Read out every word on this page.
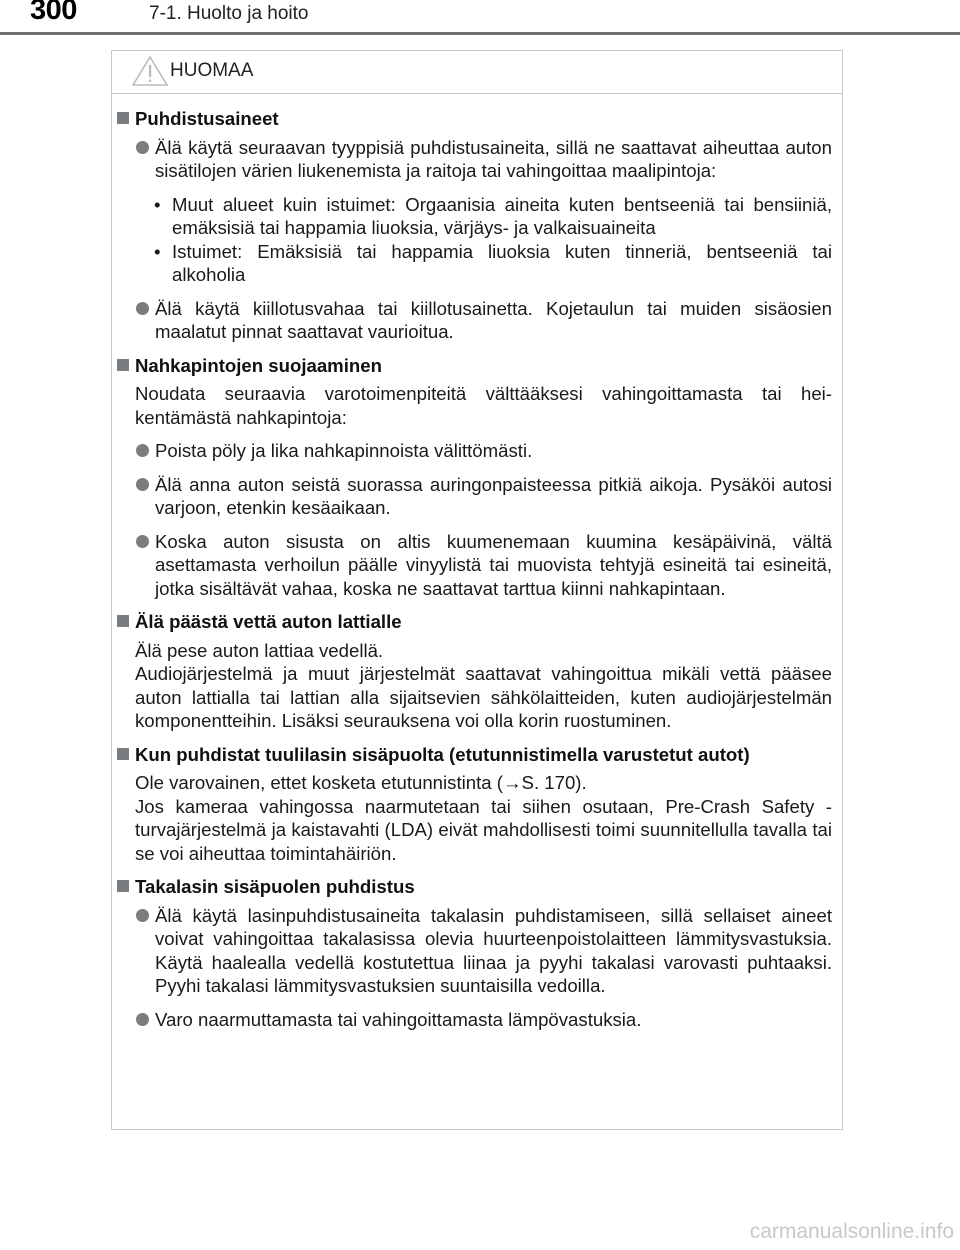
300	7-1. Huolto ja hoito
HUOMAA
Puhdistusaineet
Älä käytä seuraavan tyyppisiä puhdistusaineita, sillä ne saattavat aiheuttaa auton sisätilojen värien liukenemista ja raitoja tai vahingoittaa maalipintoja:
• Muut alueet kuin istuimet: Orgaanisia aineita kuten bentseeniä tai bensiiniä, emäksisiä tai happamia liuoksia, värjäys- ja valkaisuaineita
• Istuimet: Emäksisiä tai happamia liuoksia kuten tinneriä, bentseeniä tai alkoholia
Älä käytä kiillotusvahaa tai kiillotusainetta. Kojetaulun tai muiden sisäosien maalatut pinnat saattavat vaurioitua.
Nahkapintojen suojaaminen
Noudata seuraavia varotoimenpiteitä välttääksesi vahingoittamasta tai hei-kentämästä nahkapintoja:
Poista pöly ja lika nahkapinnoista välittömästi.
Älä anna auton seistä suorassa auringonpaisteessa pitkiä aikoja. Pysäköi autosi varjoon, etenkin kesäaikaan.
Koska auton sisusta on altis kuumenemaan kuumina kesäpäivinä, vältä asettamasta verhoilun päälle vinyylistä tai muovista tehtyjä esineitä tai esineitä, jotka sisältävät vahaa, koska ne saattavat tarttua kiinni nahkapintaan.
Älä päästä vettä auton lattialle
Älä pese auton lattiaa vedellä.
Audiojärjestelmä ja muut järjestelmät saattavat vahingoittua mikäli vettä pääsee auton lattialla tai lattian alla sijaitsevien sähkölaitteiden, kuten audiojärjestelmän komponentteihin. Lisäksi seurauksena voi olla korin ruostuminen.
Kun puhdistat tuulilasin sisäpuolta (etutunnistimella varustetut autot)
Ole varovainen, ettet kosketa etutunnistinta (→S. 170).
Jos kameraa vahingossa naarmutetaan tai siihen osutaan, Pre-Crash Safety -turvajärjestelmä ja kaistavahti (LDA) eivät mahdollisesti toimi suunnitellulla tavalla tai se voi aiheuttaa toimintahäiriön.
Takalasin sisäpuolen puhdistus
Älä käytä lasinpuhdistusaineita takalasin puhdistamiseen, sillä sellaiset aineet voivat vahingoittaa takalasissa olevia huurteenpoistolaitteen lämmitysvastuksia. Käytä haalealla vedellä kostutettua liinaa ja pyyhi takalasi varovasti puhtaaksi. Pyyhi takalasi lämmitysvastuksien suuntaisilla vedoilla.
Varo naarmuttamasta tai vahingoittamasta lämpövastuksia.
carmanualsonline.info
